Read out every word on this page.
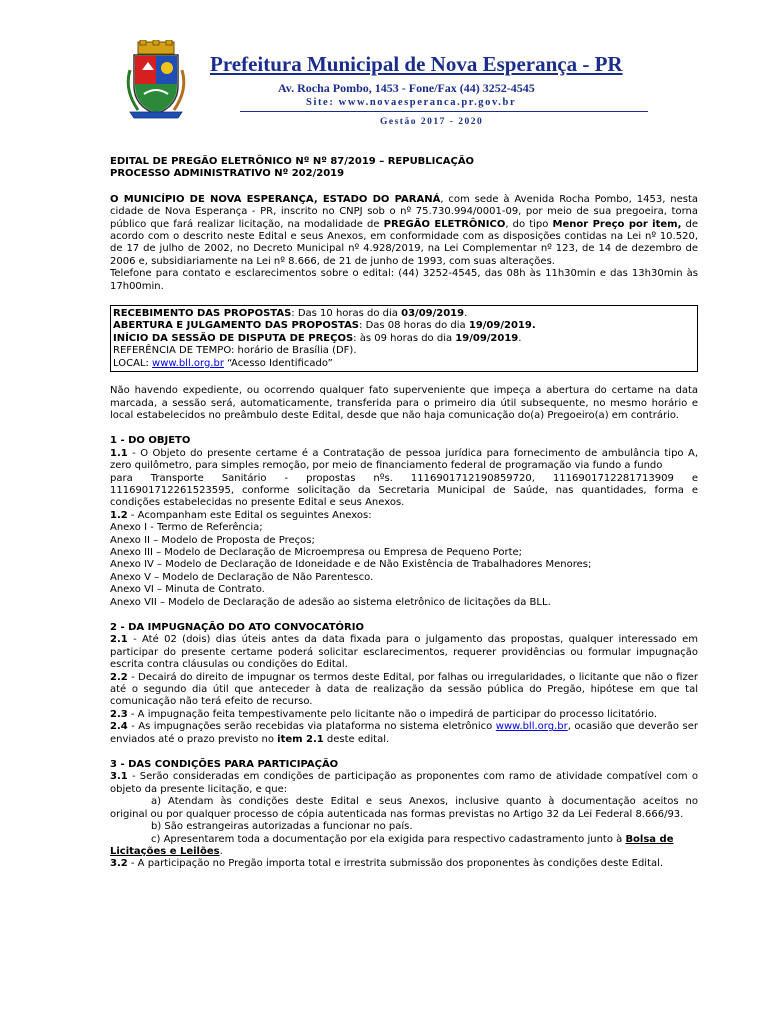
Prefeitura Municipal de Nova Esperança - PR
Av. Rocha Pombo, 1453 - Fone/Fax (44) 3252-4545
Site: www.novaesperanca.pr.gov.br
Gestão 2017 - 2020
EDITAL DE PREGÃO ELETRÔNICO Nº Nº 87/2019 – REPUBLICAÇÃO
PROCESSO ADMINISTRATIVO Nº 202/2019
O MUNICÍPIO DE NOVA ESPERANÇA, ESTADO DO PARANÁ, com sede à Avenida Rocha Pombo, 1453, nesta cidade de Nova Esperança - PR, inscrito no CNPJ sob o nº 75.730.994/0001-09, por meio de sua pregoeira, torna público que fará realizar licitação, na modalidade de PREGÃO ELETRÔNICO, do tipo Menor Preço por item, de acordo com o descrito neste Edital e seus Anexos, em conformidade com as disposições contidas na Lei nº 10.520, de 17 de julho de 2002, no Decreto Municipal nº 4.928/2019, na Lei Complementar nº 123, de 14 de dezembro de 2006 e, subsidiariamente na Lei nº 8.666, de 21 de junho de 1993, com suas alterações.
Telefone para contato e esclarecimentos sobre o edital: (44) 3252-4545, das 08h às 11h30min e das 13h30min às 17h00min.
RECEBIMENTO DAS PROPOSTAS: Das 10 horas do dia 03/09/2019.
ABERTURA E JULGAMENTO DAS PROPOSTAS: Das 08 horas do dia 19/09/2019.
INÍCIO DA SESSÃO DE DISPUTA DE PREÇOS: às 09 horas do dia 19/09/2019.
REFERÊNCIA DE TEMPO: horário de Brasília (DF).
LOCAL: www.bll.org.br “Acesso Identificado”
Não havendo expediente, ou ocorrendo qualquer fato superveniente que impeça a abertura do certame na data marcada, a sessão será, automaticamente, transferida para o primeiro dia útil subsequente, no mesmo horário e local estabelecidos no preâmbulo deste Edital, desde que não haja comunicação do(a) Pregoeiro(a) em contrário.
1 - DO OBJETO
1.1 - O Objeto do presente certame é a Contratação de pessoa jurídica para fornecimento de ambulância tipo A, zero quilômetro, para simples remoção, por meio de financiamento federal de programação via fundo a fundo
para Transporte Sanitário - propostas nºs. 11169017121908597​20, 11169017122817139​09 e
11169017122615235​95, conforme solicitação da Secretaria Municipal de Saúde, nas quantidades, forma e condições estabelecidas no presente Edital e seus Anexos.
1.2 - Acompanham este Edital os seguintes Anexos:
Anexo I - Termo de Referência;
Anexo II – Modelo de Proposta de Preços;
Anexo III – Modelo de Declaração de Microempresa ou Empresa de Pequeno Porte;
Anexo IV – Modelo de Declaração de Idoneidade e de Não Existência de Trabalhadores Menores;
Anexo V – Modelo de Declaração de Não Parentesco.
Anexo VI – Minuta de Contrato.
Anexo VII – Modelo de Declaração de adesão ao sistema eletrônico de licitações da BLL.
2 - DA IMPUGNAÇÃO DO ATO CONVOCATÓRIO
2.1 - Até 02 (dois) dias úteis antes da data fixada para o julgamento das propostas, qualquer interessado em participar do presente certame poderá solicitar esclarecimentos, requerer providências ou formular impugnação escrita contra cláusulas ou condições do Edital.
2.2 - Decairá do direito de impugnar os termos deste Edital, por falhas ou irregularidades, o licitante que não o fizer até o segundo dia útil que anteceder à data de realização da sessão pública do Pregão, hipótese em que tal comunicação não terá efeito de recurso.
2.3 - A impugnação feita tempestivamente pelo licitante não o impedirá de participar do processo licitatório.
2.4 - As impugnações serão recebidas via plataforma no sistema eletrônico www.bll.org.br, ocasião que deverão ser enviados até o prazo previsto no item 2.1 deste edital.
3 - DAS CONDIÇÕES PARA PARTICIPAÇÃO
3.1 - Serão consideradas em condições de participação as proponentes com ramo de atividade compatível com o objeto da presente licitação, e que:
a) Atendam às condições deste Edital e seus Anexos, inclusive quanto à documentação aceitos no
original ou por qualquer processo de cópia autenticada nas formas previstas no Artigo 32 da Lei Federal 8.666/93.
b) São estrangeiras autorizadas a funcionar no país.
c) Apresentarem toda a documentação por ela exigida para respectivo cadastramento junto à Bolsa de
Licitações e Leilões.
3.2 - A participação no Pregão importa total e irrestrita submissão dos proponentes às condições deste Edital.
